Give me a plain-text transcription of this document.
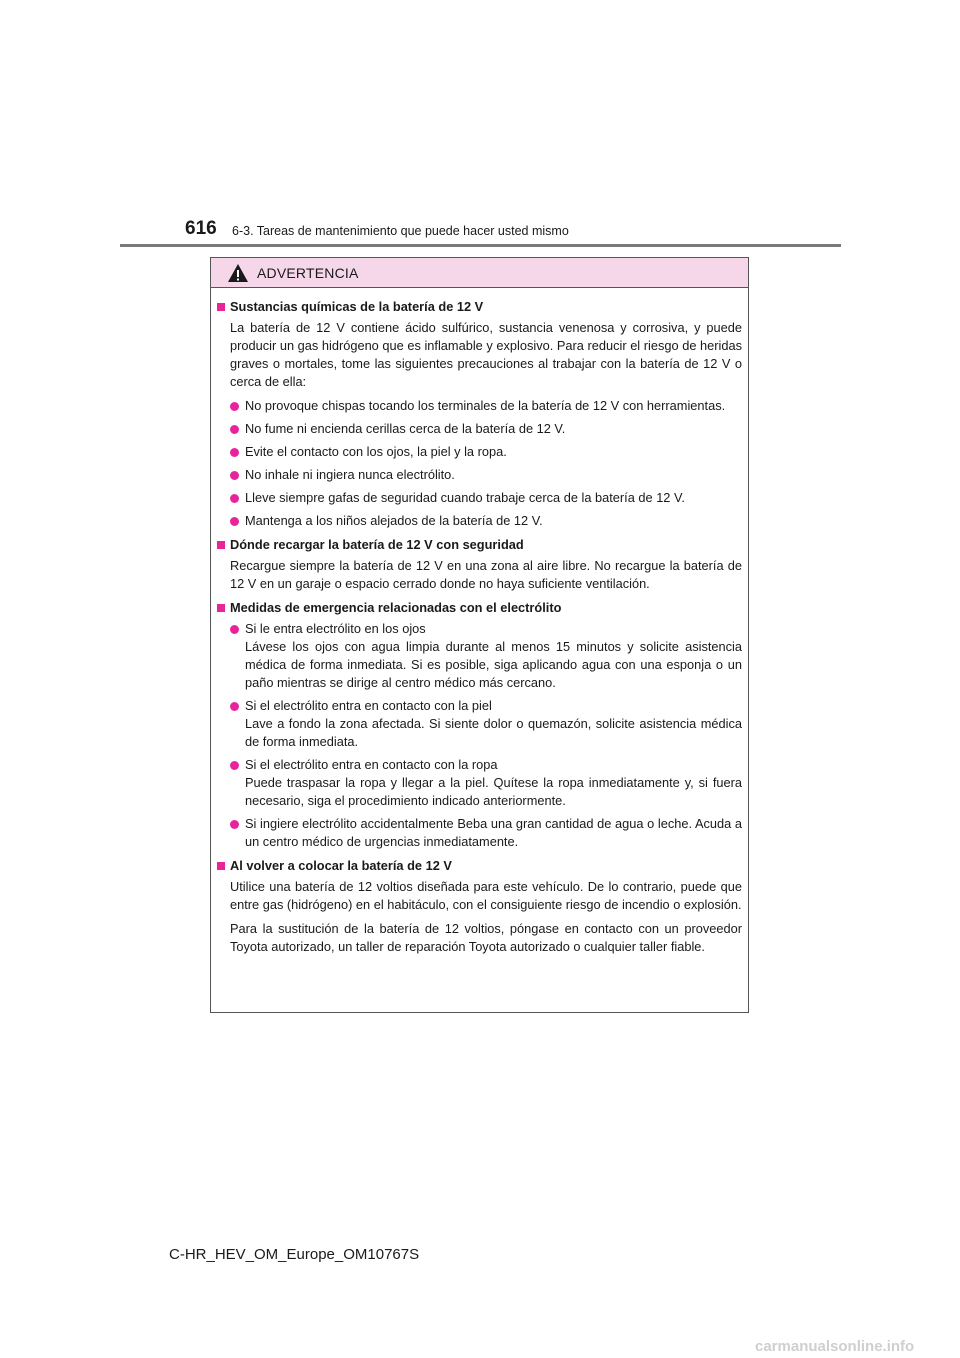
616 6-3. Tareas de mantenimiento que puede hacer usted mismo
ADVERTENCIA
Sustancias químicas de la batería de 12 V
La batería de 12 V contiene ácido sulfúrico, sustancia venenosa y corrosiva, y puede producir un gas hidrógeno que es inflamable y explosivo. Para reducir el riesgo de heridas graves o mortales, tome las siguientes precauciones al trabajar con la batería de 12 V o cerca de ella:
No provoque chispas tocando los terminales de la batería de 12 V con herramientas.
No fume ni encienda cerillas cerca de la batería de 12 V.
Evite el contacto con los ojos, la piel y la ropa.
No inhale ni ingiera nunca electrólito.
Lleve siempre gafas de seguridad cuando trabaje cerca de la batería de 12 V.
Mantenga a los niños alejados de la batería de 12 V.
Dónde recargar la batería de 12 V con seguridad
Recargue siempre la batería de 12 V en una zona al aire libre. No recargue la batería de 12 V en un garaje o espacio cerrado donde no haya suficiente ventilación.
Medidas de emergencia relacionadas con el electrólito
Si le entra electrólito en los ojos
Lávese los ojos con agua limpia durante al menos 15 minutos y solicite asistencia médica de forma inmediata. Si es posible, siga aplicando agua con una esponja o un paño mientras se dirige al centro médico más cercano.
Si el electrólito entra en contacto con la piel
Lave a fondo la zona afectada. Si siente dolor o quemazón, solicite asistencia médica de forma inmediata.
Si el electrólito entra en contacto con la ropa
Puede traspasar la ropa y llegar a la piel. Quítese la ropa inmediatamente y, si fuera necesario, siga el procedimiento indicado anteriormente.
Si ingiere electrólito accidentalmente Beba una gran cantidad de agua o leche. Acuda a un centro médico de urgencias inmediatamente.
Al volver a colocar la batería de 12 V
Utilice una batería de 12 voltios diseñada para este vehículo. De lo contrario, puede que entre gas (hidrógeno) en el habitáculo, con el consiguiente riesgo de incendio o explosión.
Para la sustitución de la batería de 12 voltios, póngase en contacto con un proveedor Toyota autorizado, un taller de reparación Toyota autorizado o cualquier taller fiable.
C-HR_HEV_OM_Europe_OM10767S
carmanualsonline.info
